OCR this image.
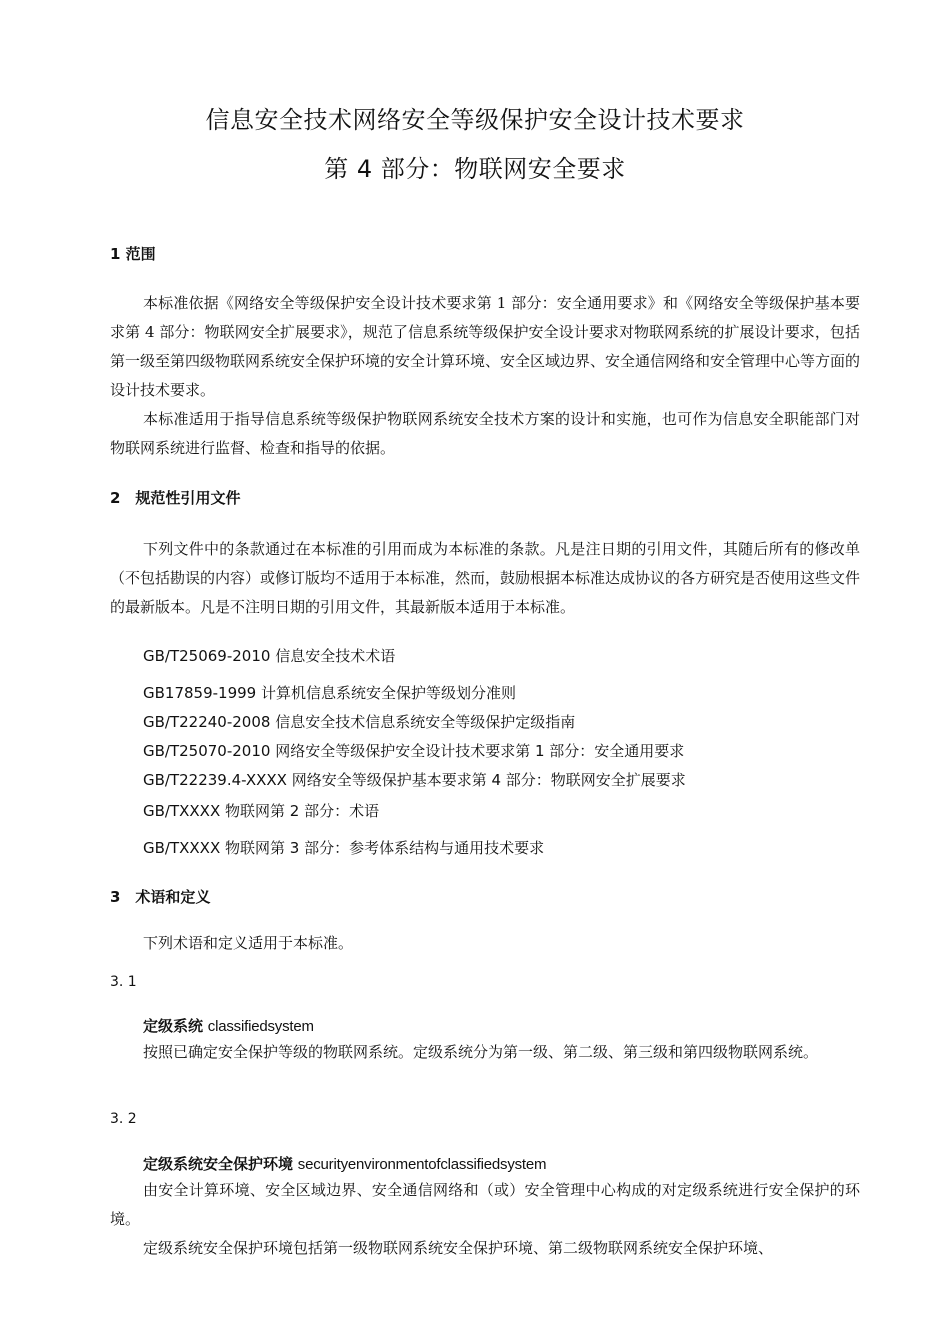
信息安全技术网络安全等级保护安全设计技术要求
第 4 部分：物联网安全要求
1 范围

本标准依据《网络安全等级保护安全设计技术要求第 1 部分：安全通用要求》和《网络安全等级保护基本要求第 4 部分：物联网安全扩展要求》，规范了信息系统等级保护安全设计要求对物联网系统的扩展设计要求，包括第一级至第四级物联网系统安全保护环境的安全计算环境、安全区域边界、安全通信网络和安全管理中心等方面的设计技术要求。

本标准适用于指导信息系统等级保护物联网系统安全技术方案的设计和实施，也可作为信息安全职能部门对物联网系统进行监督、检查和指导的依据。

2　规范性引用文件

下列文件中的条款通过在本标准的引用而成为本标准的条款。凡是注日期的引用文件，其随后所有的修改单（不包括勘误的内容）或修订版均不适用于本标准，然而，鼓励根据本标准达成协议的各方研究是否使用这些文件的最新版本。凡是不注明日期的引用文件，其最新版本适用于本标准。

GB/T25069-2010 信息安全技术术语
GB17859-1999 计算机信息系统安全保护等级划分准则
GB/T22240-2008 信息安全技术信息系统安全等级保护定级指南
GB/T25070-2010 网络安全等级保护安全设计技术要求第 1 部分：安全通用要求
GB/T22239.4-XXXX 网络安全等级保护基本要求第 4 部分：物联网安全扩展要求
GB/TXXXX 物联网第 2 部分：术语
GB/TXXXX 物联网第 3 部分：参考体系结构与通用技术要求
3　术语和定义

下列术语和定义适用于本标准。

3. 1
定级系统 classifiedsystem

按照已确定安全保护等级的物联网系统。定级系统分为第一级、第二级、第三级和第四级物联网系统。

3. 2
定级系统安全保护环境 securityenvironmentofclassifiedsystem

由安全计算环境、安全区域边界、安全通信网络和（或）安全管理中心构成的对定级系统进行安全保护的环境。

定级系统安全保护环境包括第一级物联网系统安全保护环境、第二级物联网系统安全保护环境、
